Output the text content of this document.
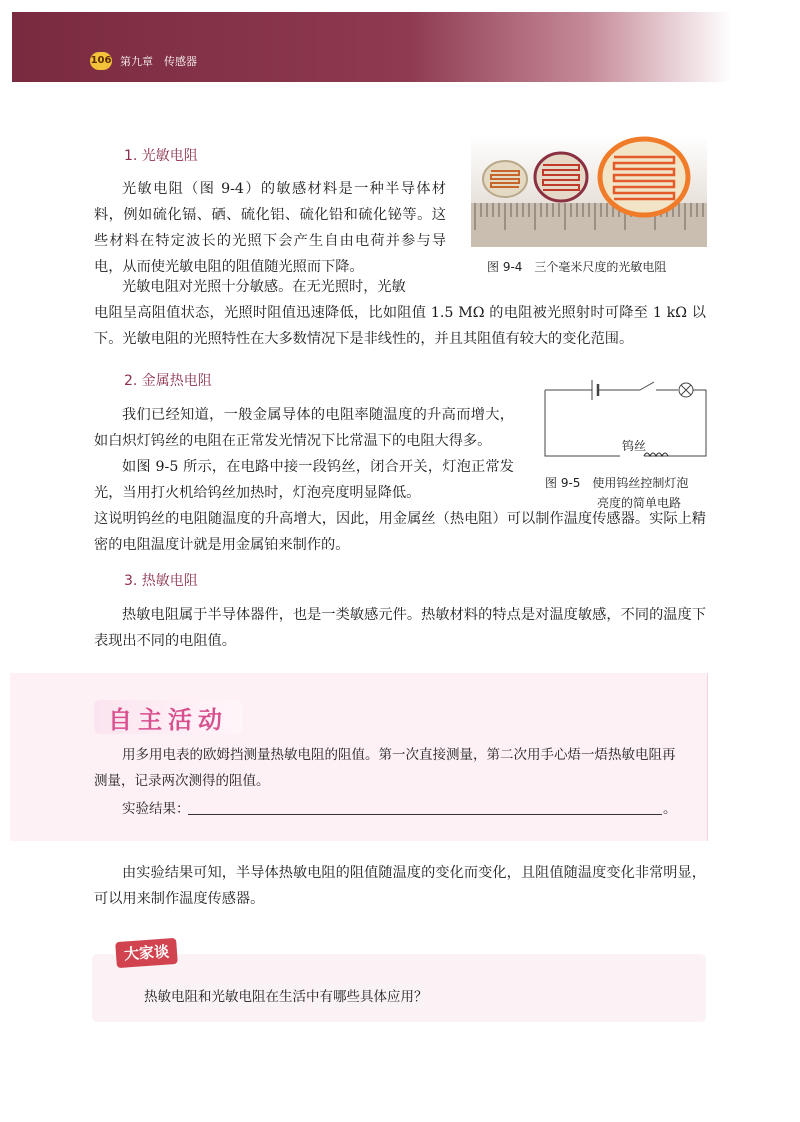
106 第九章　传感器
1. 光敏电阻

光敏电阻（图 9-4）的敏感材料是一种半导体材料，例如硫化镉、硒、硫化铝、硫化铅和硫化铋等。这些材料在特定波长的光照下会产生自由电荷并参与导电，从而使光敏电阻的阻值随光照而下降。	图 9-4　三个毫米尺度的光敏电阻

光敏电阻对光照十分敏感。在无光照时，光敏

电阻呈高阻值状态，光照时阻值迅速降低，比如阻值 1.5 MΩ 的电阻被光照射时可降至 1 kΩ 以下。光敏电阻的光照特性在大多数情况下是非线性的，并且其阻值有较大的变化范围。

2. 金属热电阻

我们已经知道，一般金属导体的电阻率随温度的升高而增大，如白炽灯钨丝的电阻在正常发光情况下比常温下的电阻大得多。

如图 9-5 所示，在电路中接一段钨丝，闭合开关，灯泡正常发光，当用打火机给钨丝加热时，灯泡亮度明显降低。

钨丝
图 9-5　使用钨丝控制灯泡
亮度的简单电路

这说明钨丝的电阻随温度的升高增大，因此，用金属丝（热电阻）可以制作温度传感器。实际上精密的电阻温度计就是用金属铂来制作的。

3. 热敏电阻

热敏电阻属于半导体器件，也是一类敏感元件。热敏材料的特点是对温度敏感，不同的温度下表现出不同的电阻值。

自主活动

用多用电表的欧姆挡测量热敏电阻的阻值。第一次直接测量，第二次用手心焐一焐热敏电阻再测量，记录两次测得的阻值。

实验结果：	。

由实验结果可知，半导体热敏电阻的阻值随温度的变化而变化，且阻值随温度变化非常明显，可以用来制作温度传感器。

大家谈
热敏电阻和光敏电阻在生活中有哪些具体应用？
